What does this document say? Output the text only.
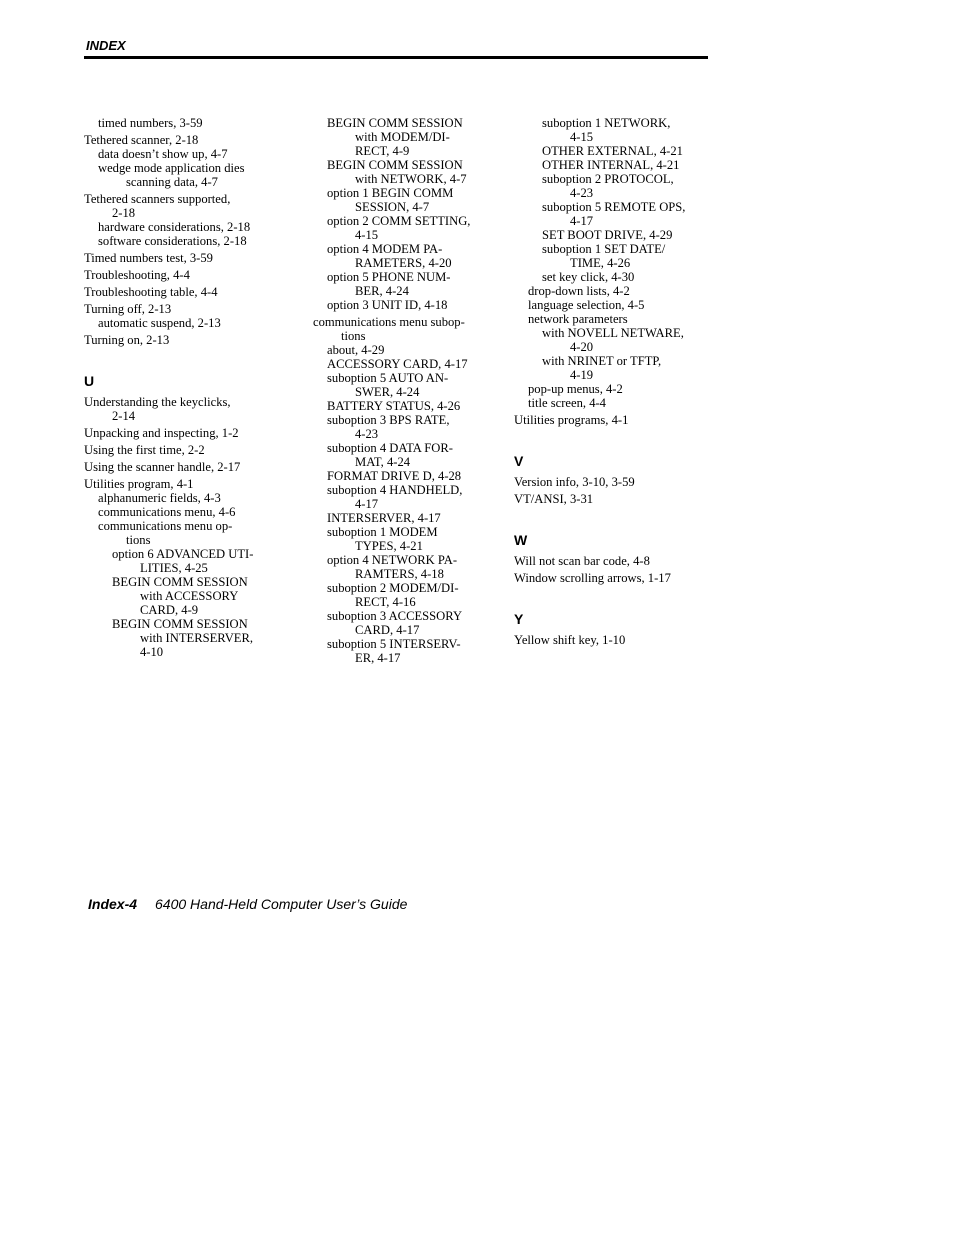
INDEX
timed numbers, 3-59
Tethered scanner, 2-18
data doesn’t show up, 4-7
wedge mode application dies
scanning data, 4-7
Tethered scanners supported,
2-18
hardware considerations, 2-18
software considerations, 2-18
Timed numbers test, 3-59
Troubleshooting, 4-4
Troubleshooting table, 4-4
Turning off, 2-13
automatic suspend, 2-13
Turning on, 2-13
U
Understanding the keyclicks,
2-14
Unpacking and inspecting, 1-2
Using the first time, 2-2
Using the scanner handle, 2-17
Utilities program, 4-1
alphanumeric fields, 4-3
communications menu, 4-6
communications menu op-
tions
option 6 ADVANCED UTI-
LITIES, 4-25
BEGIN COMM SESSION
with ACCESSORY
CARD, 4-9
BEGIN COMM SESSION
with INTERSERVER,
4-10
BEGIN COMM SESSION
with MODEM/DI-
RECT, 4-9
BEGIN COMM SESSION
with NETWORK, 4-7
option 1 BEGIN COMM
SESSION, 4-7
option 2 COMM SETTING,
4-15
option 4 MODEM PA-
RAMETERS, 4-20
option 5 PHONE NUM-
BER, 4-24
option 3 UNIT ID, 4-18
communications menu subop-
tions
about, 4-29
ACCESSORY CARD, 4-17
suboption 5 AUTO AN-
SWER, 4-24
BATTERY STATUS, 4-26
suboption 3 BPS RATE,
4-23
suboption 4 DATA FOR-
MAT, 4-24
FORMAT DRIVE D, 4-28
suboption 4 HANDHELD,
4-17
INTERSERVER, 4-17
suboption 1 MODEM
TYPES, 4-21
option 4 NETWORK PA-
RAMTERS, 4-18
suboption 2 MODEM/DI-
RECT, 4-16
suboption 3 ACCESSORY
CARD, 4-17
suboption 5 INTERSERV-
ER, 4-17
suboption 1 NETWORK,
4-15
OTHER EXTERNAL, 4-21
OTHER INTERNAL, 4-21
suboption 2 PROTOCOL,
4-23
suboption 5 REMOTE OPS,
4-17
SET BOOT DRIVE, 4-29
suboption 1 SET DATE/
TIME, 4-26
set key click, 4-30
drop-down lists, 4-2
language selection, 4-5
network parameters
with NOVELL NETWARE,
4-20
with NRINET or TFTP,
4-19
pop-up menus, 4-2
title screen, 4-4
Utilities programs, 4-1
V
Version info, 3-10, 3-59
VT/ANSI, 3-31
W
Will not scan bar code, 4-8
Window scrolling arrows, 1-17
Y
Yellow shift key, 1-10
Index-4 6400 Hand-Held Computer User’s Guide
